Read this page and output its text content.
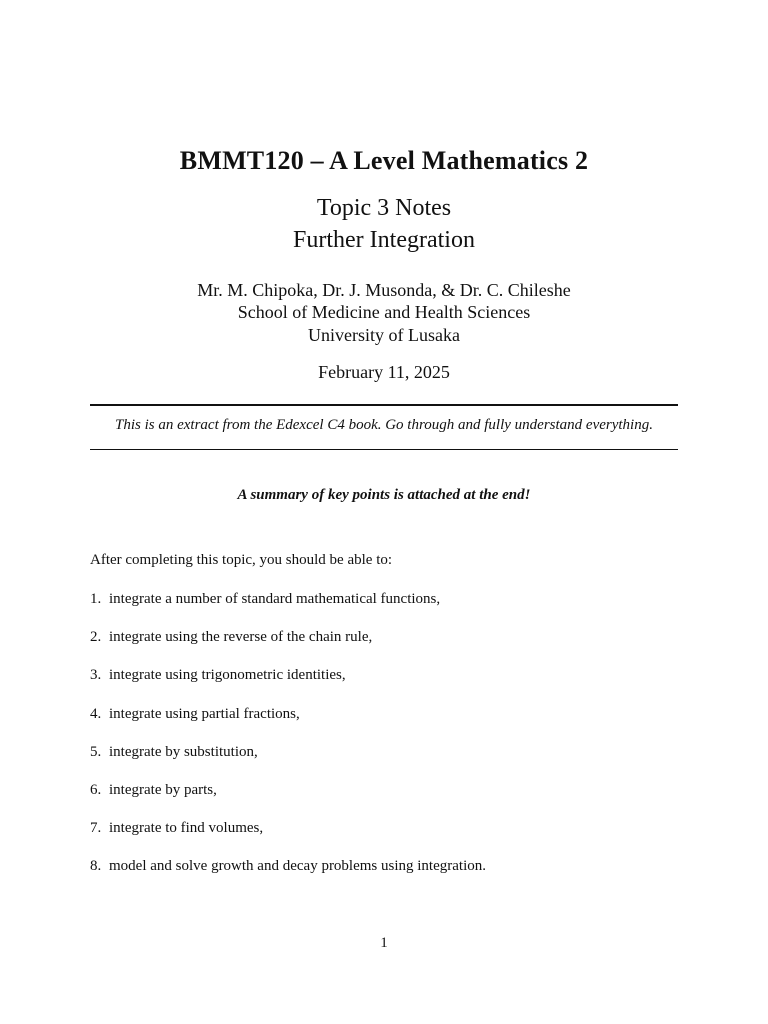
BMMT120 – A Level Mathematics 2
Topic 3 Notes
Further Integration
Mr. M. Chipoka, Dr. J. Musonda, & Dr. C. Chileshe
School of Medicine and Health Sciences
University of Lusaka
February 11, 2025
This is an extract from the Edexcel C4 book. Go through and fully understand everything.
A summary of key points is attached at the end!
After completing this topic, you should be able to:
1. integrate a number of standard mathematical functions,
2. integrate using the reverse of the chain rule,
3. integrate using trigonometric identities,
4. integrate using partial fractions,
5. integrate by substitution,
6. integrate by parts,
7. integrate to find volumes,
8. model and solve growth and decay problems using integration.
1
